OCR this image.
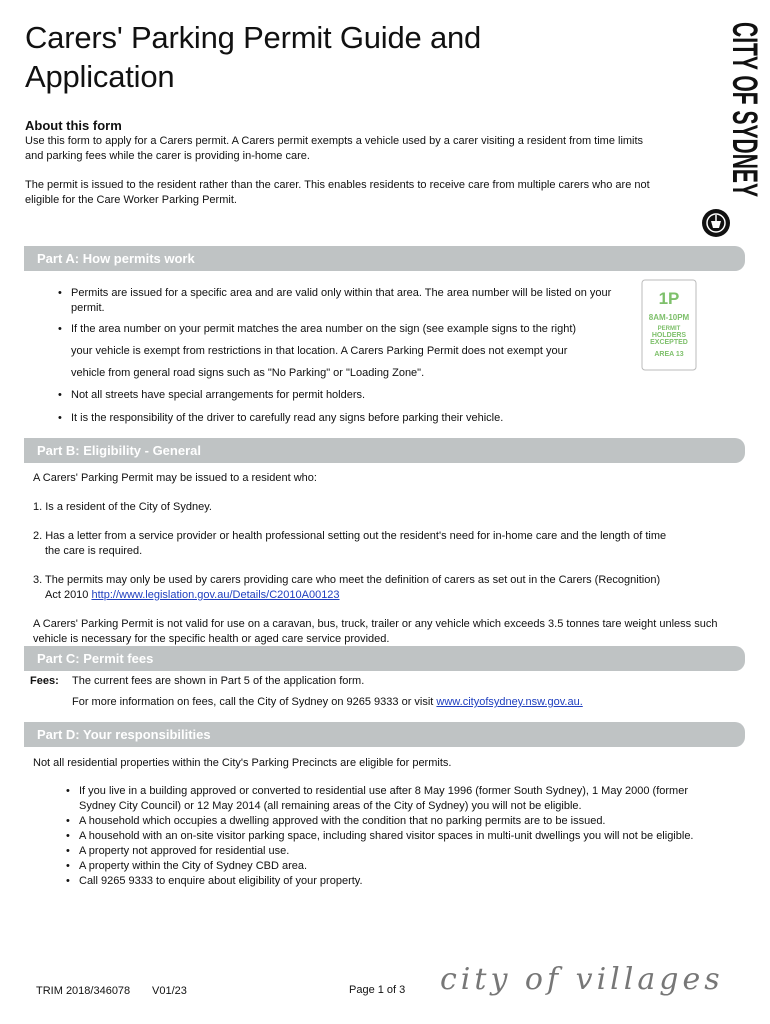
Carers' Parking Permit Guide and Application	CITY OF SYDNEY
About this form
Use this form to apply for a Carers permit. A Carers permit exempts a vehicle used by a carer visiting a resident from time limits and parking fees while the carer is providing in-home care.
The permit is issued to the resident rather than the carer. This enables residents to receive care from multiple carers who are not eligible for the Care Worker Parking Permit.
Part A: How permits work
• Permits are issued for a specific area and are valid only within that area. The area number will be listed on your permit.
• If the area number on your permit matches the area number on the sign (see example signs to the right)
your vehicle is exempt from restrictions in that location. A Carers Parking Permit does not exempt your
vehicle from general road signs such as "No Parking" or "Loading Zone".
• Not all streets have special arrangements for permit holders.
• It is the responsibility of the driver to carefully read any signs before parking their vehicle.
1P
8AM-10PM
PERMIT
HOLDERS
EXCEPTED
AREA 13
Part B: Eligibility - General
A Carers' Parking Permit may be issued to a resident who:
1. Is a resident of the City of Sydney.
2. Has a letter from a service provider or health professional setting out the resident's need for in-home care and the length of time
the care is required.
3. The permits may only be used by carers providing care who meet the definition of carers as set out in the Carers (Recognition)
Act 2010 http://www.legislation.gov.au/Details/C2010A00123
A Carers' Parking Permit is not valid for use on a caravan, bus, truck, trailer or any vehicle which exceeds 3.5 tonnes tare weight unless such vehicle is necessary for the specific health or aged care service provided.
Part C: Permit fees
Fees: The current fees are shown in Part 5 of the application form.
For more information on fees, call the City of Sydney on 9265 9333 or visit www.cityofsydney.nsw.gov.au.
Part D: Your responsibilities
Not all residential properties within the City's Parking Precincts are eligible for permits.
• If you live in a building approved or converted to residential use after 8 May 1996 (former South Sydney), 1 May 2000 (former Sydney City Council) or 12 May 2014 (all remaining areas of the City of Sydney) you will not be eligible.
• A household which occupies a dwelling approved with the condition that no parking permits are to be issued.
• A household with an on-site visitor parking space, including shared visitor spaces in multi-unit dwellings you will not be eligible.
• A property not approved for residential use.
• A property within the City of Sydney CBD area.
• Call 9265 9333 to enquire about eligibility of your property.
TRIM 2018/346078 V01/23	Page 1 of 3 city of villages
